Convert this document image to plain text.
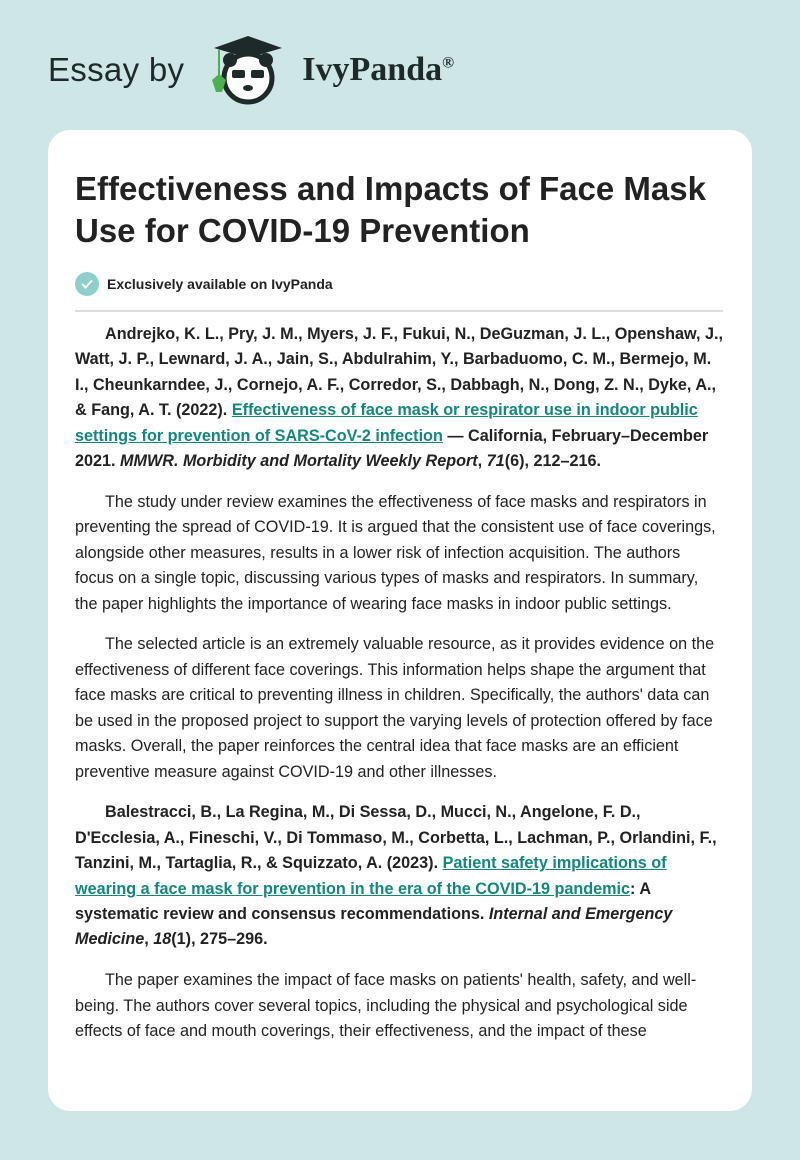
Essay by	IvyPanda®
Effectiveness and Impacts of Face Mask Use for COVID-19 Prevention
Exclusively available on IvyPanda

Andrejko, K. L., Pry, J. M., Myers, J. F., Fukui, N., DeGuzman, J. L., Openshaw, J., Watt, J. P., Lewnard, J. A., Jain, S., Abdulrahim, Y., Barbaduomo, C. M., Bermejo, M. I., Cheunkarndee, J., Cornejo, A. F., Corredor, S., Dabbagh, N., Dong, Z. N., Dyke, A., & Fang, A. T. (2022). Effectiveness of face mask or respirator use in indoor public settings for prevention of SARS-CoV-2 infection — California, February–December 2021. MMWR. Morbidity and Mortality Weekly Report, 71(6), 212–216.

The study under review examines the effectiveness of face masks and respirators in preventing the spread of COVID-19. It is argued that the consistent use of face coverings, alongside other measures, results in a lower risk of infection acquisition. The authors focus on a single topic, discussing various types of masks and respirators. In summary, the paper highlights the importance of wearing face masks in indoor public settings.

The selected article is an extremely valuable resource, as it provides evidence on the effectiveness of different face coverings. This information helps shape the argument that face masks are critical to preventing illness in children. Specifically, the authors' data can be used in the proposed project to support the varying levels of protection offered by face masks. Overall, the paper reinforces the central idea that face masks are an efficient preventive measure against COVID-19 and other illnesses.

Balestracci, B., La Regina, M., Di Sessa, D., Mucci, N., Angelone, F. D., D'Ecclesia, A., Fineschi, V., Di Tommaso, M., Corbetta, L., Lachman, P., Orlandini, F., Tanzini, M., Tartaglia, R., & Squizzato, A. (2023). Patient safety implications of wearing a face mask for prevention in the era of the COVID-19 pandemic: A systematic review and consensus recommendations. Internal and Emergency Medicine, 18(1), 275–296.

The paper examines the impact of face masks on patients' health, safety, and well-being. The authors cover several topics, including the physical and psychological side effects of face and mouth coverings, their effectiveness, and the impact of these
